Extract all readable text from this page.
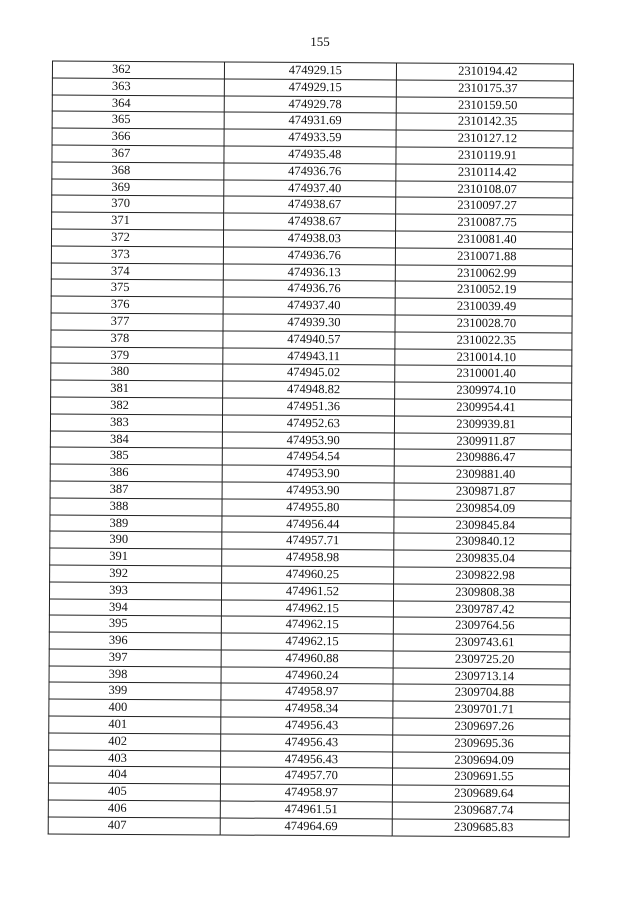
155
362	474929.15	2310194.42
363	474929.15	2310175.37
364	474929.78	2310159.50
365	474931.69	2310142.35
366	474933.59	2310127.12
367	474935.48	2310119.91
368	474936.76	2310114.42
369	474937.40	2310108.07
370	474938.67	2310097.27
371	474938.67	2310087.75
372	474938.03	2310081.40
373	474936.76	2310071.88
374	474936.13	2310062.99
375	474936.76	2310052.19
376	474937.40	2310039.49
377	474939.30	2310028.70
378	474940.57	2310022.35
379	474943.11	2310014.10
380	474945.02	2310001.40
381	474948.82	2309974.10
382	474951.36	2309954.41
383	474952.63	2309939.81
384	474953.90	2309911.87
385	474954.54	2309886.47
386	474953.90	2309881.40
387	474953.90	2309871.87
388	474955.80	2309854.09
389	474956.44	2309845.84
390	474957.71	2309840.12
391	474958.98	2309835.04
392	474960.25	2309822.98
393	474961.52	2309808.38
394	474962.15	2309787.42
395	474962.15	2309764.56
396	474962.15	2309743.61
397	474960.88	2309725.20
398	474960.24	2309713.14
399	474958.97	2309704.88
400	474958.34	2309701.71
401	474956.43	2309697.26
402	474956.43	2309695.36
403	474956.43	2309694.09
404	474957.70	2309691.55
405	474958.97	2309689.64
406	474961.51	2309687.74
407	474964.69	2309685.83
